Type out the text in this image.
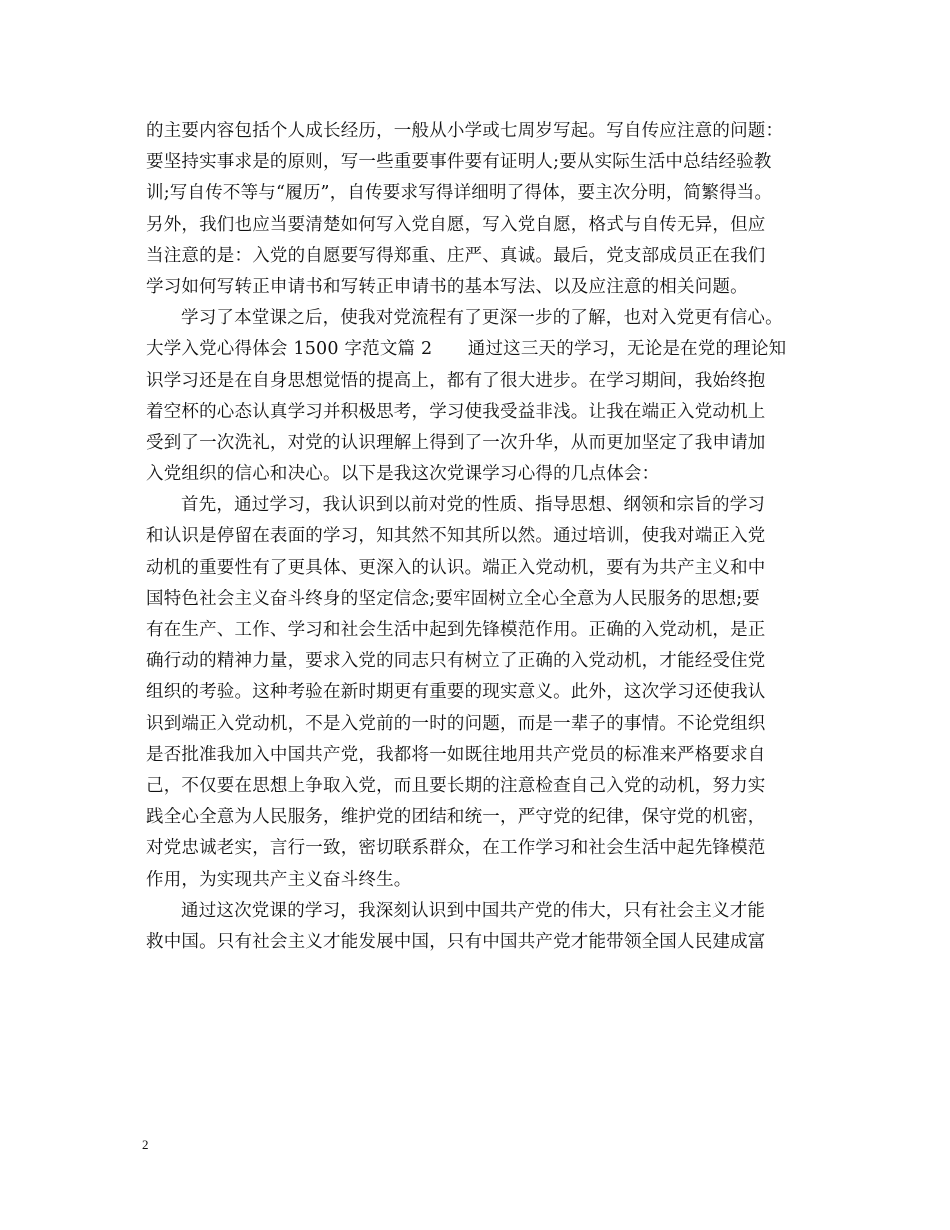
的主要内容包括个人成长经历，一般从小学或七周岁写起。写自传应注意的问题：
要坚持实事求是的原则，写一些重要事件要有证明人;要从实际生活中总结经验教
训;写自传不等与“履历”，自传要求写得详细明了得体，要主次分明，简繁得当。
另外，我们也应当要清楚如何写入党自愿，写入党自愿，格式与自传无异，但应
当注意的是：入党的自愿要写得郑重、庄严、真诚。最后，党支部成员正在我们
学习如何写转正申请书和写转正申请书的基本写法、以及应注意的相关问题。
学习了本堂课之后，使我对党流程有了更深一步的了解，也对入党更有信心。
大学入党心得体会 1500 字范文篇 2　　通过这三天的学习，无论是在党的理论知
识学习还是在自身思想觉悟的提高上，都有了很大进步。在学习期间，我始终抱
着空杯的心态认真学习并积极思考，学习使我受益非浅。让我在端正入党动机上
受到了一次洗礼，对党的认识理解上得到了一次升华，从而更加坚定了我申请加
入党组织的信心和决心。以下是我这次党课学习心得的几点体会：
首先，通过学习，我认识到以前对党的性质、指导思想、纲领和宗旨的学习
和认识是停留在表面的学习，知其然不知其所以然。通过培训，使我对端正入党
动机的重要性有了更具体、更深入的认识。端正入党动机，要有为共产主义和中
国特色社会主义奋斗终身的坚定信念;要牢固树立全心全意为人民服务的思想;要
有在生产、工作、学习和社会生活中起到先锋模范作用。正确的入党动机，是正
确行动的精神力量，要求入党的同志只有树立了正确的入党动机，才能经受住党
组织的考验。这种考验在新时期更有重要的现实意义。此外，这次学习还使我认
识到端正入党动机，不是入党前的一时的问题，而是一辈子的事情。不论党组织
是否批准我加入中国共产党，我都将一如既往地用共产党员的标准来严格要求自
己，不仅要在思想上争取入党，而且要长期的注意检查自己入党的动机，努力实
践全心全意为人民服务，维护党的团结和统一，严守党的纪律，保守党的机密，
对党忠诚老实，言行一致，密切联系群众，在工作学习和社会生活中起先锋模范
作用，为实现共产主义奋斗终生。
通过这次党课的学习，我深刻认识到中国共产党的伟大，只有社会主义才能
救中国。只有社会主义才能发展中国，只有中国共产党才能带领全国人民建成富
2
